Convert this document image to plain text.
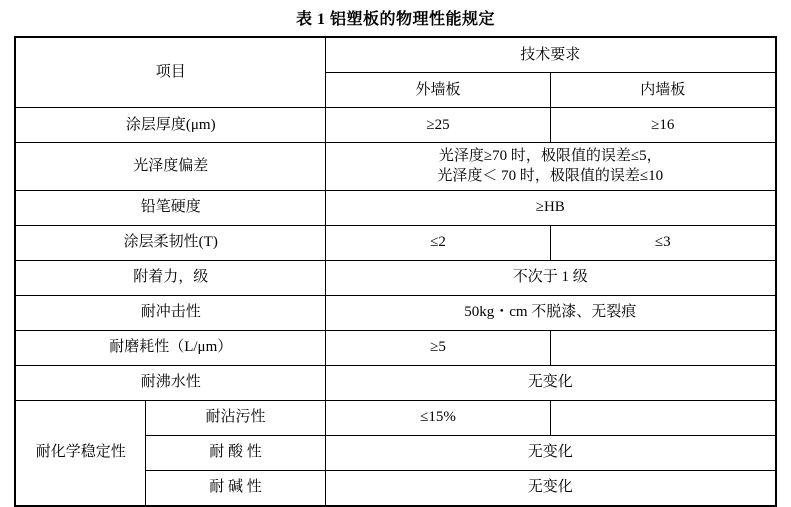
表 1 铝塑板的物理性能规定
项目		技术要求	
		外墙板	内墙板
涂层厚度(μm)		≥25	≥16
光泽度偏差		光泽度≥70 时，极限值的误差≤5，
光泽度＜ 70 时，极限值的误差≤10	

铅笔硬度		≥HB	
涂层柔韧性(T)		≤2	≤3
附着力，级		不次于 1 级	
耐冲击性		50kg・cm 不脱漆、无裂痕	
耐磨耗性（L/μm）		≥5	
耐沸水性		无变化	
耐化学稳定性	耐沾污性	≤15%	
	耐 酸 性	无变化	
	耐 碱 性	无变化	
